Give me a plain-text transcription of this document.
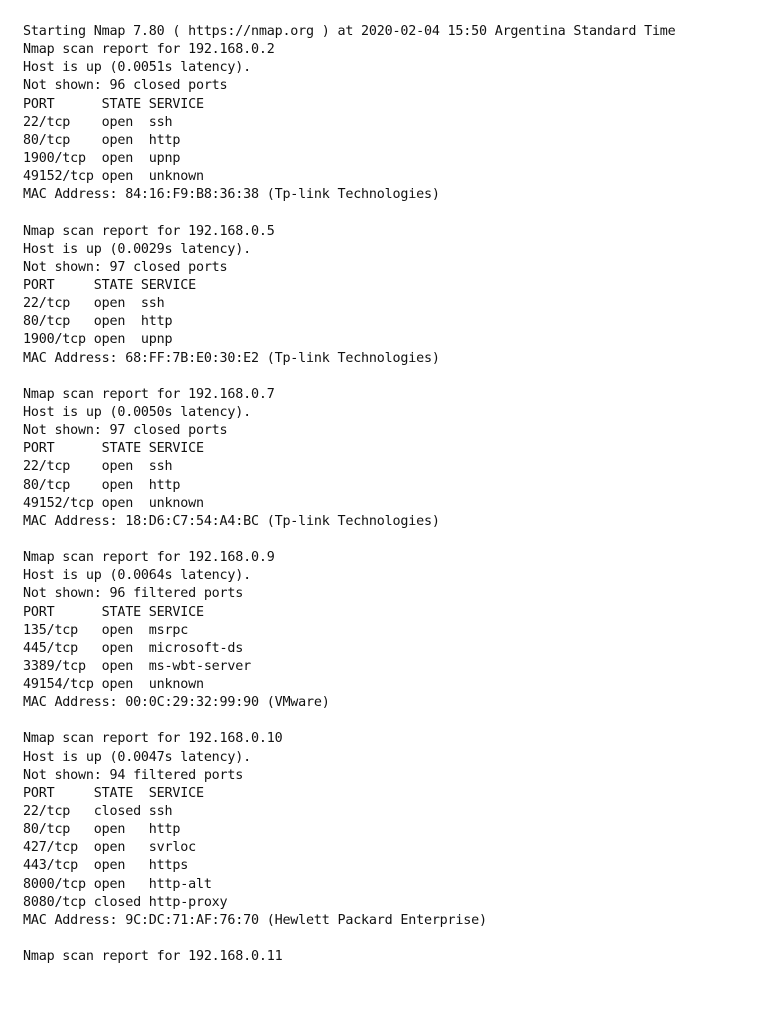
Starting Nmap 7.80 ( https://nmap.org ) at 2020-02-04 15:50 Argentina Standard Time
Nmap scan report for 192.168.0.2
Host is up (0.0051s latency).
Not shown: 96 closed ports
PORT      STATE SERVICE
22/tcp    open  ssh
80/tcp    open  http
1900/tcp  open  upnp
49152/tcp open  unknown
MAC Address: 84:16:F9:B8:36:38 (Tp-link Technologies)
Nmap scan report for 192.168.0.5
Host is up (0.0029s latency).
Not shown: 97 closed ports
PORT     STATE SERVICE
22/tcp   open  ssh
80/tcp   open  http
1900/tcp open  upnp
MAC Address: 68:FF:7B:E0:30:E2 (Tp-link Technologies)
Nmap scan report for 192.168.0.7
Host is up (0.0050s latency).
Not shown: 97 closed ports
PORT      STATE SERVICE
22/tcp    open  ssh
80/tcp    open  http
49152/tcp open  unknown
MAC Address: 18:D6:C7:54:A4:BC (Tp-link Technologies)
Nmap scan report for 192.168.0.9
Host is up (0.0064s latency).
Not shown: 96 filtered ports
PORT      STATE SERVICE
135/tcp   open  msrpc
445/tcp   open  microsoft-ds
3389/tcp  open  ms-wbt-server
49154/tcp open  unknown
MAC Address: 00:0C:29:32:99:90 (VMware)
Nmap scan report for 192.168.0.10
Host is up (0.0047s latency).
Not shown: 94 filtered ports
PORT     STATE  SERVICE
22/tcp   closed ssh
80/tcp   open   http
427/tcp  open   svrloc
443/tcp  open   https
8000/tcp open   http-alt
8080/tcp closed http-proxy
MAC Address: 9C:DC:71:AF:76:70 (Hewlett Packard Enterprise)
Nmap scan report for 192.168.0.11
